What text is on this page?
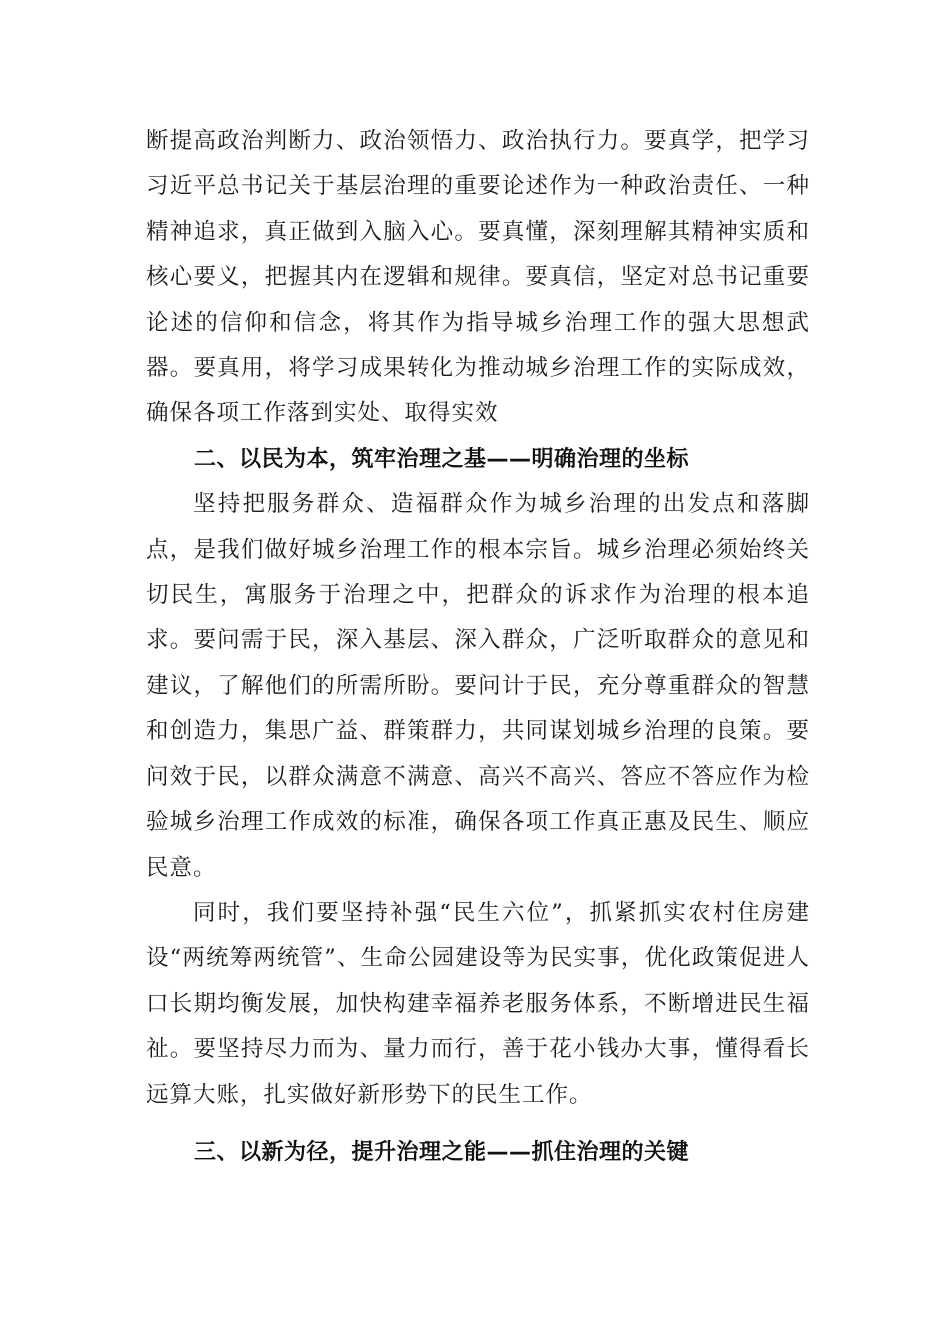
断提高政治判断力、政治领悟力、政治执行力。要真学，把学习习近平总书记关于基层治理的重要论述作为一种政治责任、一种精神追求，真正做到入脑入心。要真懂，深刻理解其精神实质和核心要义，把握其内在逻辑和规律。要真信，坚定对总书记重要论述的信仰和信念，将其作为指导城乡治理工作的强大思想武器。要真用，将学习成果转化为推动城乡治理工作的实际成效，确保各项工作落到实处、取得实效

二、以民为本，筑牢治理之基——明确治理的坐标

坚持把服务群众、造福群众作为城乡治理的出发点和落脚点，是我们做好城乡治理工作的根本宗旨。城乡治理必须始终关切民生，寓服务于治理之中，把群众的诉求作为治理的根本追求。要问需于民，深入基层、深入群众，广泛听取群众的意见和建议，了解他们的所需所盼。要问计于民，充分尊重群众的智慧和创造力，集思广益、群策群力，共同谋划城乡治理的良策。要问效于民，以群众满意不满意、高兴不高兴、答应不答应作为检验城乡治理工作成效的标准，确保各项工作真正惠及民生、顺应民意。

同时，我们要坚持补强“民生六位”，抓紧抓实农村住房建设“两统筹两统管”、生命公园建设等为民实事，优化政策促进人口长期均衡发展，加快构建幸福养老服务体系，不断增进民生福祉。要坚持尽力而为、量力而行，善于花小钱办大事，懂得看长远算大账，扎实做好新形势下的民生工作。

三、以新为径，提升治理之能——抓住治理的关键
